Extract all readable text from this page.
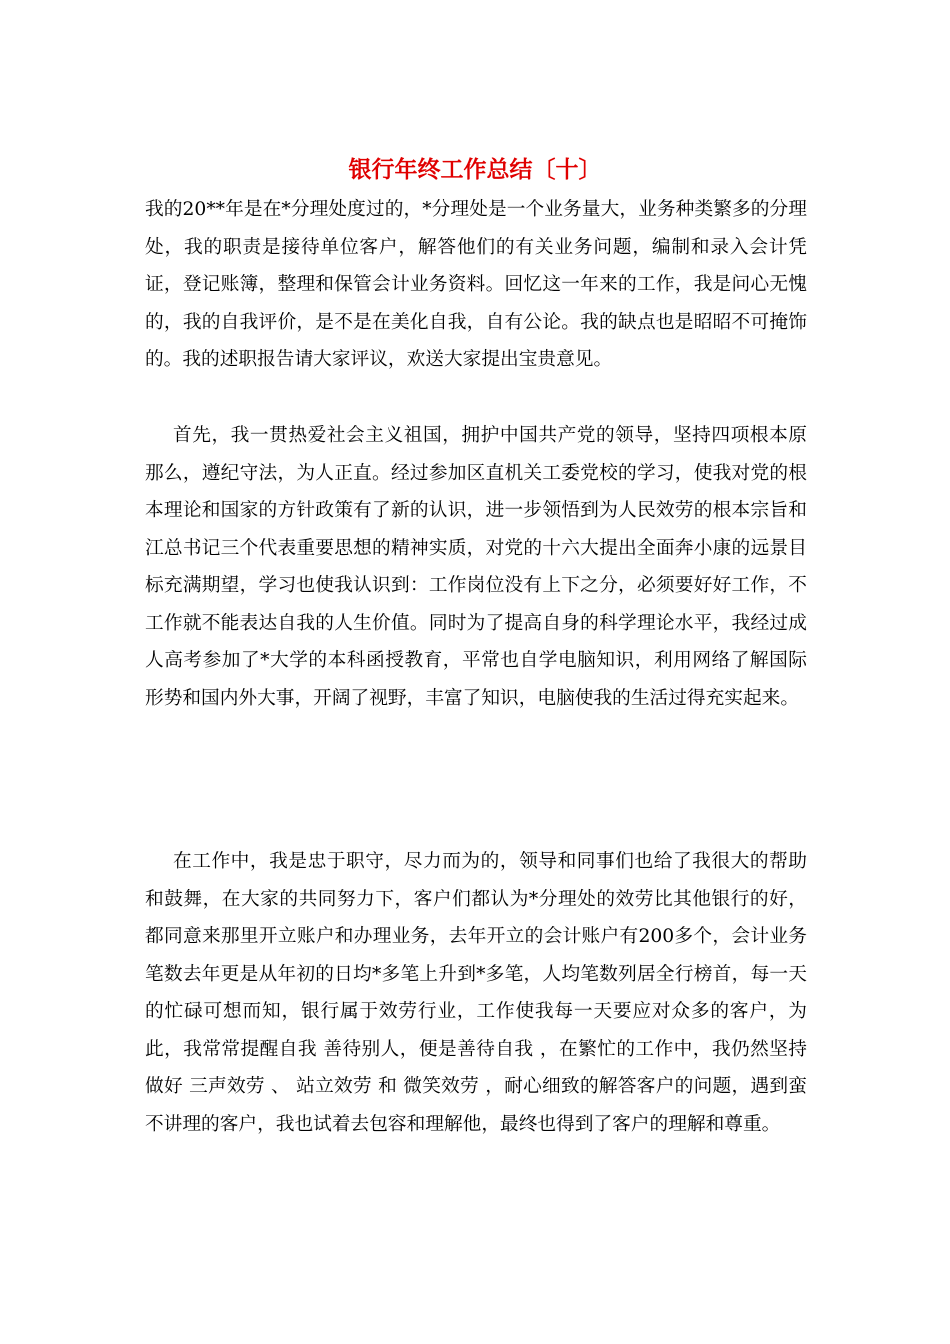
银行年终工作总结〔十〕

我的20**年是在*分理处度过的，*分理处是一个业务量大，业务种类繁多的分理处，我的职责是接待单位客户，解答他们的有关业务问题，编制和录入会计凭证，登记账簿，整理和保管会计业务资料。回忆这一年来的工作，我是问心无愧的，我的自我评价，是不是在美化自我，自有公论。我的缺点也是昭昭不可掩饰的。我的述职报告请大家评议，欢送大家提出宝贵意见。

首先，我一贯热爱社会主义祖国，拥护中国共产党的领导，坚持四项根本原那么，遵纪守法，为人正直。经过参加区直机关工委党校的学习，使我对党的根本理论和国家的方针政策有了新的认识，进一步领悟到为人民效劳的根本宗旨和江总书记三个代表重要思想的精神实质，对党的十六大提出全面奔小康的远景目标充满期望，学习也使我认识到：工作岗位没有上下之分，必须要好好工作，不工作就不能表达自我的人生价值。同时为了提高自身的科学理论水平，我经过成人高考参加了*大学的本科函授教育，平常也自学电脑知识，利用网络了解国际形势和国内外大事，开阔了视野，丰富了知识，电脑使我的生活过得充实起来。

在工作中，我是忠于职守，尽力而为的，领导和同事们也给了我很大的帮助和鼓舞，在大家的共同努力下，客户们都认为*分理处的效劳比其他银行的好，都同意来那里开立账户和办理业务，去年开立的会计账户有200多个，会计业务笔数去年更是从年初的日均*多笔上升到*多笔，人均笔数列居全行榜首，每一天的忙碌可想而知，银行属于效劳行业，工作使我每一天要应对众多的客户，为此，我常常提醒自我 善待别人，便是善待自我 ，在繁忙的工作中，我仍然坚持做好 三声效劳 、 站立效劳 和 微笑效劳 ，耐心细致的解答客户的问题，遇到蛮不讲理的客户，我也试着去包容和理解他，最终也得到了客户的理解和尊重。
